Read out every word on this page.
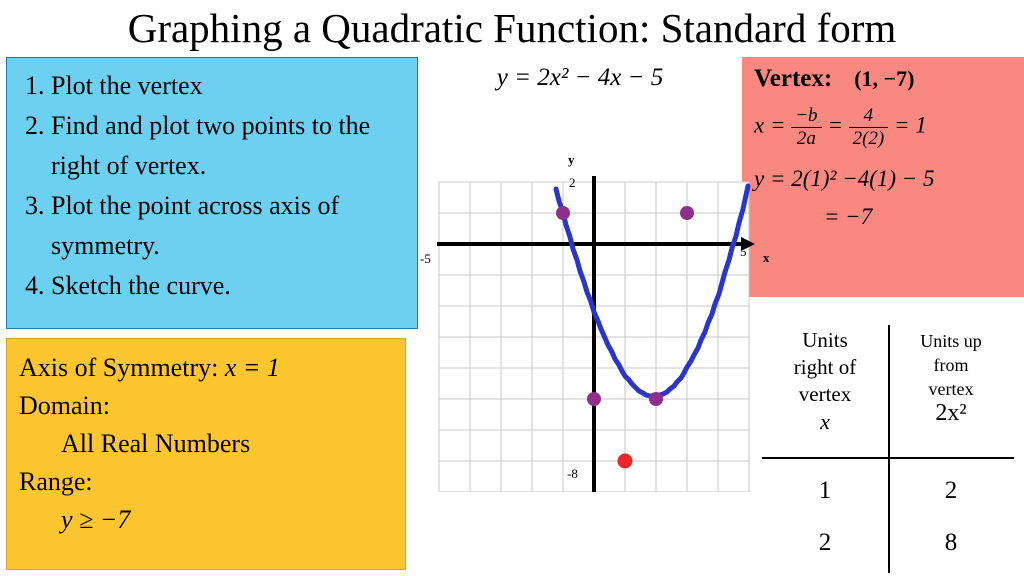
Graphing a Quadratic Function: Standard form
y = 2x² − 4x − 5
1. Plot the vertex
2. Find and plot two points to the right of vertex.
3. Plot the point across axis of symmetry.
4. Sketch the curve.
Axis of Symmetry: x = 1
Domain:
All Real Numbers
Range:
y ≥ −7
Vertex: (1, −7)
$x = \frac{-b}{2a} = \frac{4}{2(2)} = 1$
y = 2(1)² −4(1) − 5
= −7
Units
right of
vertex
x
Units up
from
vertex
2x²
1	2
2	8
y
x
-5	5
2
-8
